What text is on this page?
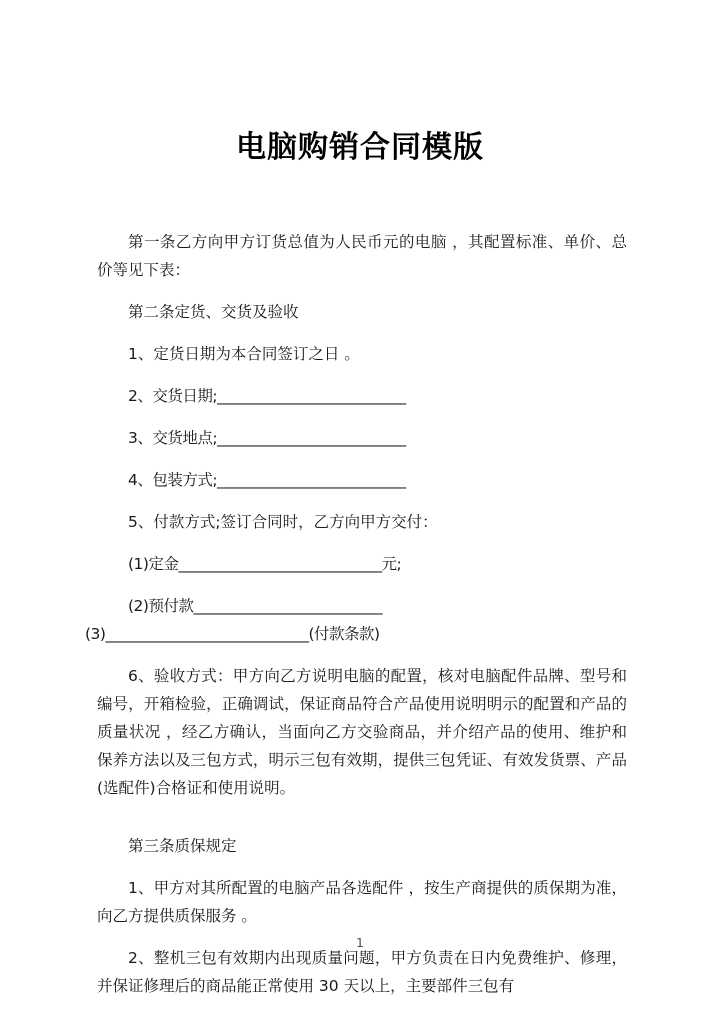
电脑购销合同模版

第一条乙方向甲方订货总值为人民币元的电脑 ，其配置标准、单价、总价等见下表：

第二条定货、交货及验收

1、定货日期为本合同签订之日 。

2、交货日期;__________________________

3、交货地点;__________________________

4、包装方式;__________________________

5、付款方式;签订合同时，乙方向甲方交付：

(1)定金____________________________元;

(2)预付款__________________________

(3)____________________________(付款条款)

6、验收方式：甲方向乙方说明电脑的配置，核对电脑配件品牌、型号和编号，开箱检验，正确调试，保证商品符合产品使用说明明示的配置和产品的质量状况 ，经乙方确认，当面向乙方交验商品，并介绍产品的使用、维护和保养方法以及三包方式，明示三包有效期，提供三包凭证、有效发货票、产品(选配件)合格证和使用说明。

第三条质保规定

1、甲方对其所配置的电脑产品各选配件 ，按生产商提供的质保期为准，向乙方提供质保服务 。

2、整机三包有效期内出现质量问题，甲方负责在日内免费维护、修理，并保证修理后的商品能正常使用 30 天以上，主要部件三包有

1
